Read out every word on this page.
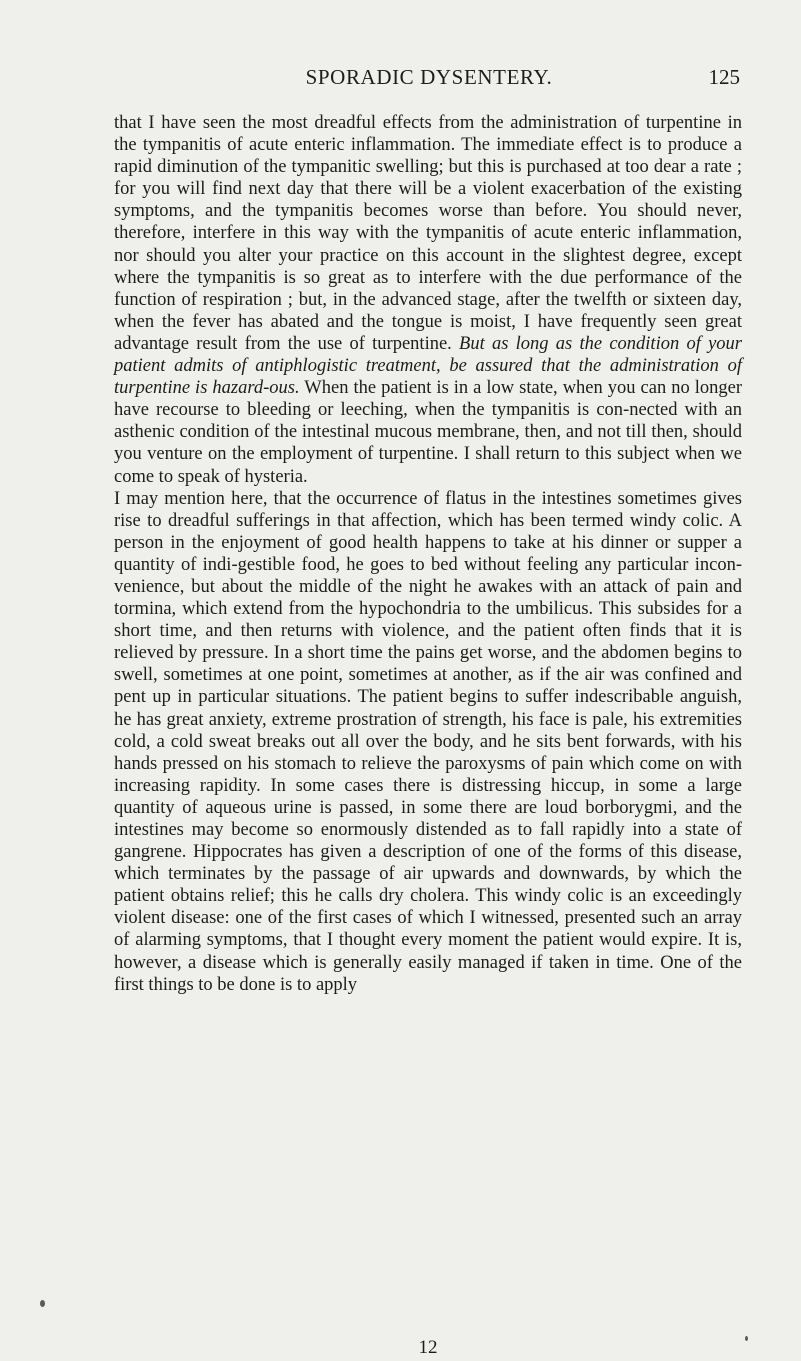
SPORADIC DYSENTERY.	125

that I have seen the most dreadful effects from the administration of turpentine in the tympanitis of acute enteric inflammation. The immediate effect is to produce a rapid diminution of the tympanitic swelling; but this is purchased at too dear a rate ; for you will find next day that there will be a violent exacerbation of the existing symptoms, and the tympanitis becomes worse than before. You should never, therefore, interfere in this way with the tympanitis of acute enteric inflammation, nor should you alter your practice on this account in the slightest degree, except where the tympanitis is so great as to interfere with the due performance of the function of respiration ; but, in the advanced stage, after the twelfth or sixteen day, when the fever has abated and the tongue is moist, I have frequently seen great advantage result from the use of turpentine. But as long as the condition of your patient admits of antiphlogistic treatment, be assured that the administration of turpentine is hazard-ous. When the patient is in a low state, when you can no longer have recourse to bleeding or leeching, when the tympanitis is con-nected with an asthenic condition of the intestinal mucous membrane, then, and not till then, should you venture on the employment of turpentine. I shall return to this subject when we come to speak of hysteria.

I may mention here, that the occurrence of flatus in the intestines sometimes gives rise to dreadful sufferings in that affection, which has been termed windy colic. A person in the enjoyment of good health happens to take at his dinner or supper a quantity of indi-gestible food, he goes to bed without feeling any particular incon-venience, but about the middle of the night he awakes with an attack of pain and tormina, which extend from the hypochondria to the umbilicus. This subsides for a short time, and then returns with violence, and the patient often finds that it is relieved by pressure. In a short time the pains get worse, and the abdomen begins to swell, sometimes at one point, sometimes at another, as if the air was confined and pent up in particular situations. The patient begins to suffer indescribable anguish, he has great anxiety, extreme prostration of strength, his face is pale, his extremities cold, a cold sweat breaks out all over the body, and he sits bent forwards, with his hands pressed on his stomach to relieve the paroxysms of pain which come on with increasing rapidity. In some cases there is distressing hiccup, in some a large quantity of aqueous urine is passed, in some there are loud borborygmi, and the intestines may become so enormously distended as to fall rapidly into a state of gangrene. Hippocrates has given a description of one of the forms of this disease, which terminates by the passage of air upwards and downwards, by which the patient obtains relief; this he calls dry cholera. This windy colic is an exceedingly violent disease: one of the first cases of which I witnessed, presented such an array of alarming symptoms, that I thought every moment the patient would expire. It is, however, a disease which is generally easily managed if taken in time. One of the first things to be done is to apply

12
